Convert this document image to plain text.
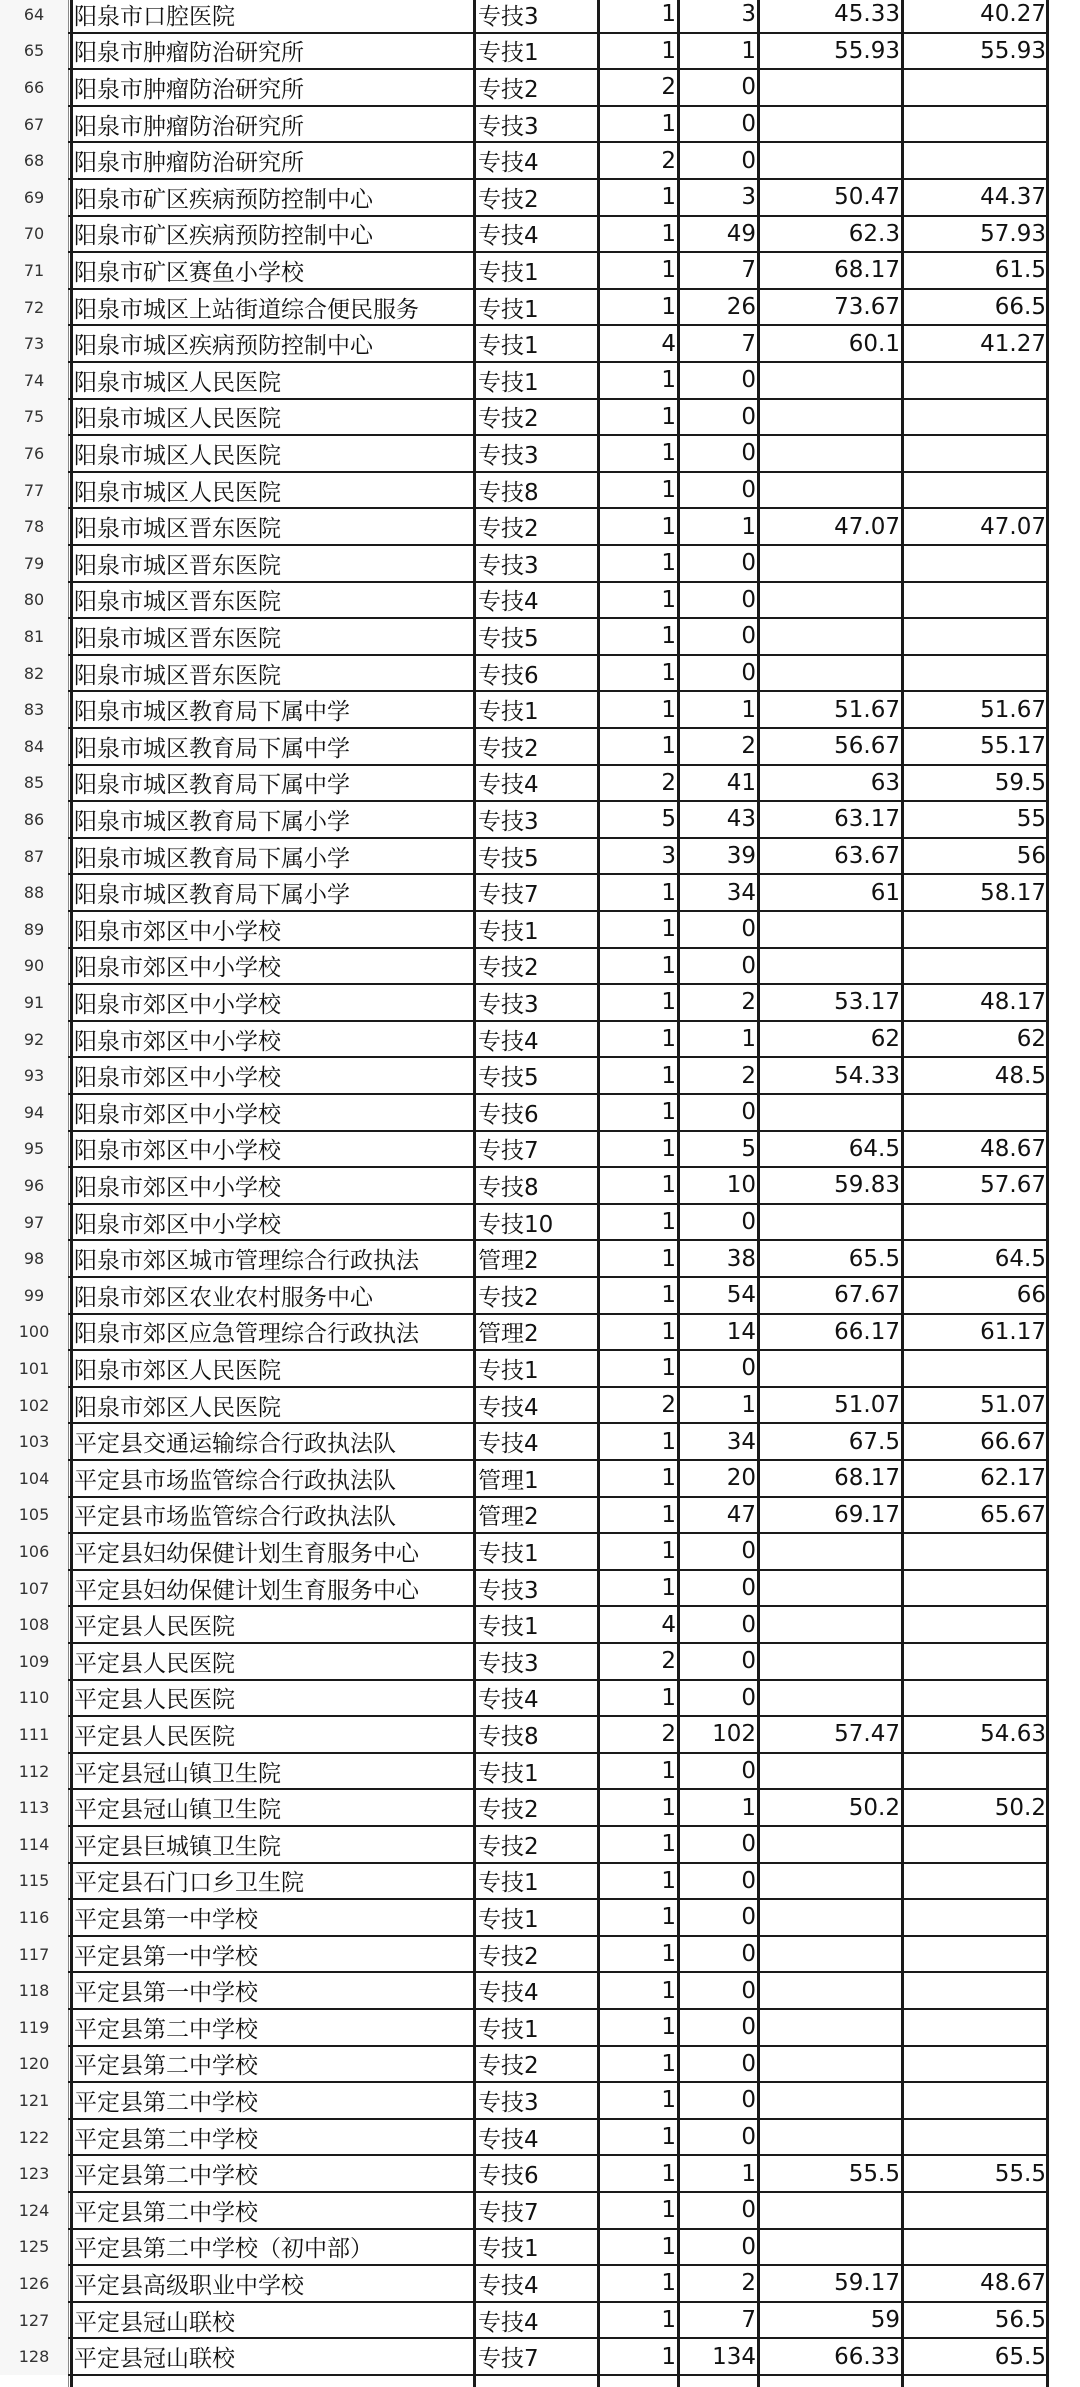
64	阳泉市口腔医院	专技3	1	3	45.33	40.27
65	阳泉市肿瘤防治研究所	专技1	1	1	55.93	55.93
66	阳泉市肿瘤防治研究所	专技2	2	0
67	阳泉市肿瘤防治研究所	专技3	1	0
68	阳泉市肿瘤防治研究所	专技4	2	0
69	阳泉市矿区疾病预防控制中心	专技2	1	3	50.47	44.37
70	阳泉市矿区疾病预防控制中心	专技4	1	49	62.3	57.93
71	阳泉市矿区赛鱼小学校	专技1	1	7	68.17	61.5
72	阳泉市城区上站街道综合便民服务	专技1	1	26	73.67	66.5
73	阳泉市城区疾病预防控制中心	专技1	4	7	60.1	41.27
74	阳泉市城区人民医院	专技1	1	0
75	阳泉市城区人民医院	专技2	1	0
76	阳泉市城区人民医院	专技3	1	0
77	阳泉市城区人民医院	专技8	1	0
78	阳泉市城区晋东医院	专技2	1	1	47.07	47.07
79	阳泉市城区晋东医院	专技3	1	0
80	阳泉市城区晋东医院	专技4	1	0
81	阳泉市城区晋东医院	专技5	1	0
82	阳泉市城区晋东医院	专技6	1	0
83	阳泉市城区教育局下属中学	专技1	1	1	51.67	51.67
84	阳泉市城区教育局下属中学	专技2	1	2	56.67	55.17
85	阳泉市城区教育局下属中学	专技4	2	41	63	59.5
86	阳泉市城区教育局下属小学	专技3	5	43	63.17	55
87	阳泉市城区教育局下属小学	专技5	3	39	63.67	56
88	阳泉市城区教育局下属小学	专技7	1	34	61	58.17
89	阳泉市郊区中小学校	专技1	1	0
90	阳泉市郊区中小学校	专技2	1	0
91	阳泉市郊区中小学校	专技3	1	2	53.17	48.17
92	阳泉市郊区中小学校	专技4	1	1	62	62
93	阳泉市郊区中小学校	专技5	1	2	54.33	48.5
94	阳泉市郊区中小学校	专技6	1	0
95	阳泉市郊区中小学校	专技7	1	5	64.5	48.67
96	阳泉市郊区中小学校	专技8	1	10	59.83	57.67
97	阳泉市郊区中小学校	专技10	1	0
98	阳泉市郊区城市管理综合行政执法	管理2	1	38	65.5	64.5
99	阳泉市郊区农业农村服务中心	专技2	1	54	67.67	66
100	阳泉市郊区应急管理综合行政执法	管理2	1	14	66.17	61.17
101	阳泉市郊区人民医院	专技1	1	0
102	阳泉市郊区人民医院	专技4	2	1	51.07	51.07
103	平定县交通运输综合行政执法队	专技4	1	34	67.5	66.67
104	平定县市场监管综合行政执法队	管理1	1	20	68.17	62.17
105	平定县市场监管综合行政执法队	管理2	1	47	69.17	65.67
106	平定县妇幼保健计划生育服务中心	专技1	1	0
107	平定县妇幼保健计划生育服务中心	专技3	1	0
108	平定县人民医院	专技1	4	0
109	平定县人民医院	专技3	2	0
110	平定县人民医院	专技4	1	0
111	平定县人民医院	专技8	2	102	57.47	54.63
112	平定县冠山镇卫生院	专技1	1	0
113	平定县冠山镇卫生院	专技2	1	1	50.2	50.2
114	平定县巨城镇卫生院	专技2	1	0
115	平定县石门口乡卫生院	专技1	1	0
116	平定县第一中学校	专技1	1	0
117	平定县第一中学校	专技2	1	0
118	平定县第一中学校	专技4	1	0
119	平定县第二中学校	专技1	1	0
120	平定县第二中学校	专技2	1	0
121	平定县第二中学校	专技3	1	0
122	平定县第二中学校	专技4	1	0
123	平定县第二中学校	专技6	1	1	55.5	55.5
124	平定县第二中学校	专技7	1	0
125	平定县第二中学校（初中部）	专技1	1	0
126	平定县高级职业中学校	专技4	1	2	59.17	48.67
127	平定县冠山联校	专技4	1	7	59	56.5
128	平定县冠山联校	专技7	1	134	66.33	65.5
